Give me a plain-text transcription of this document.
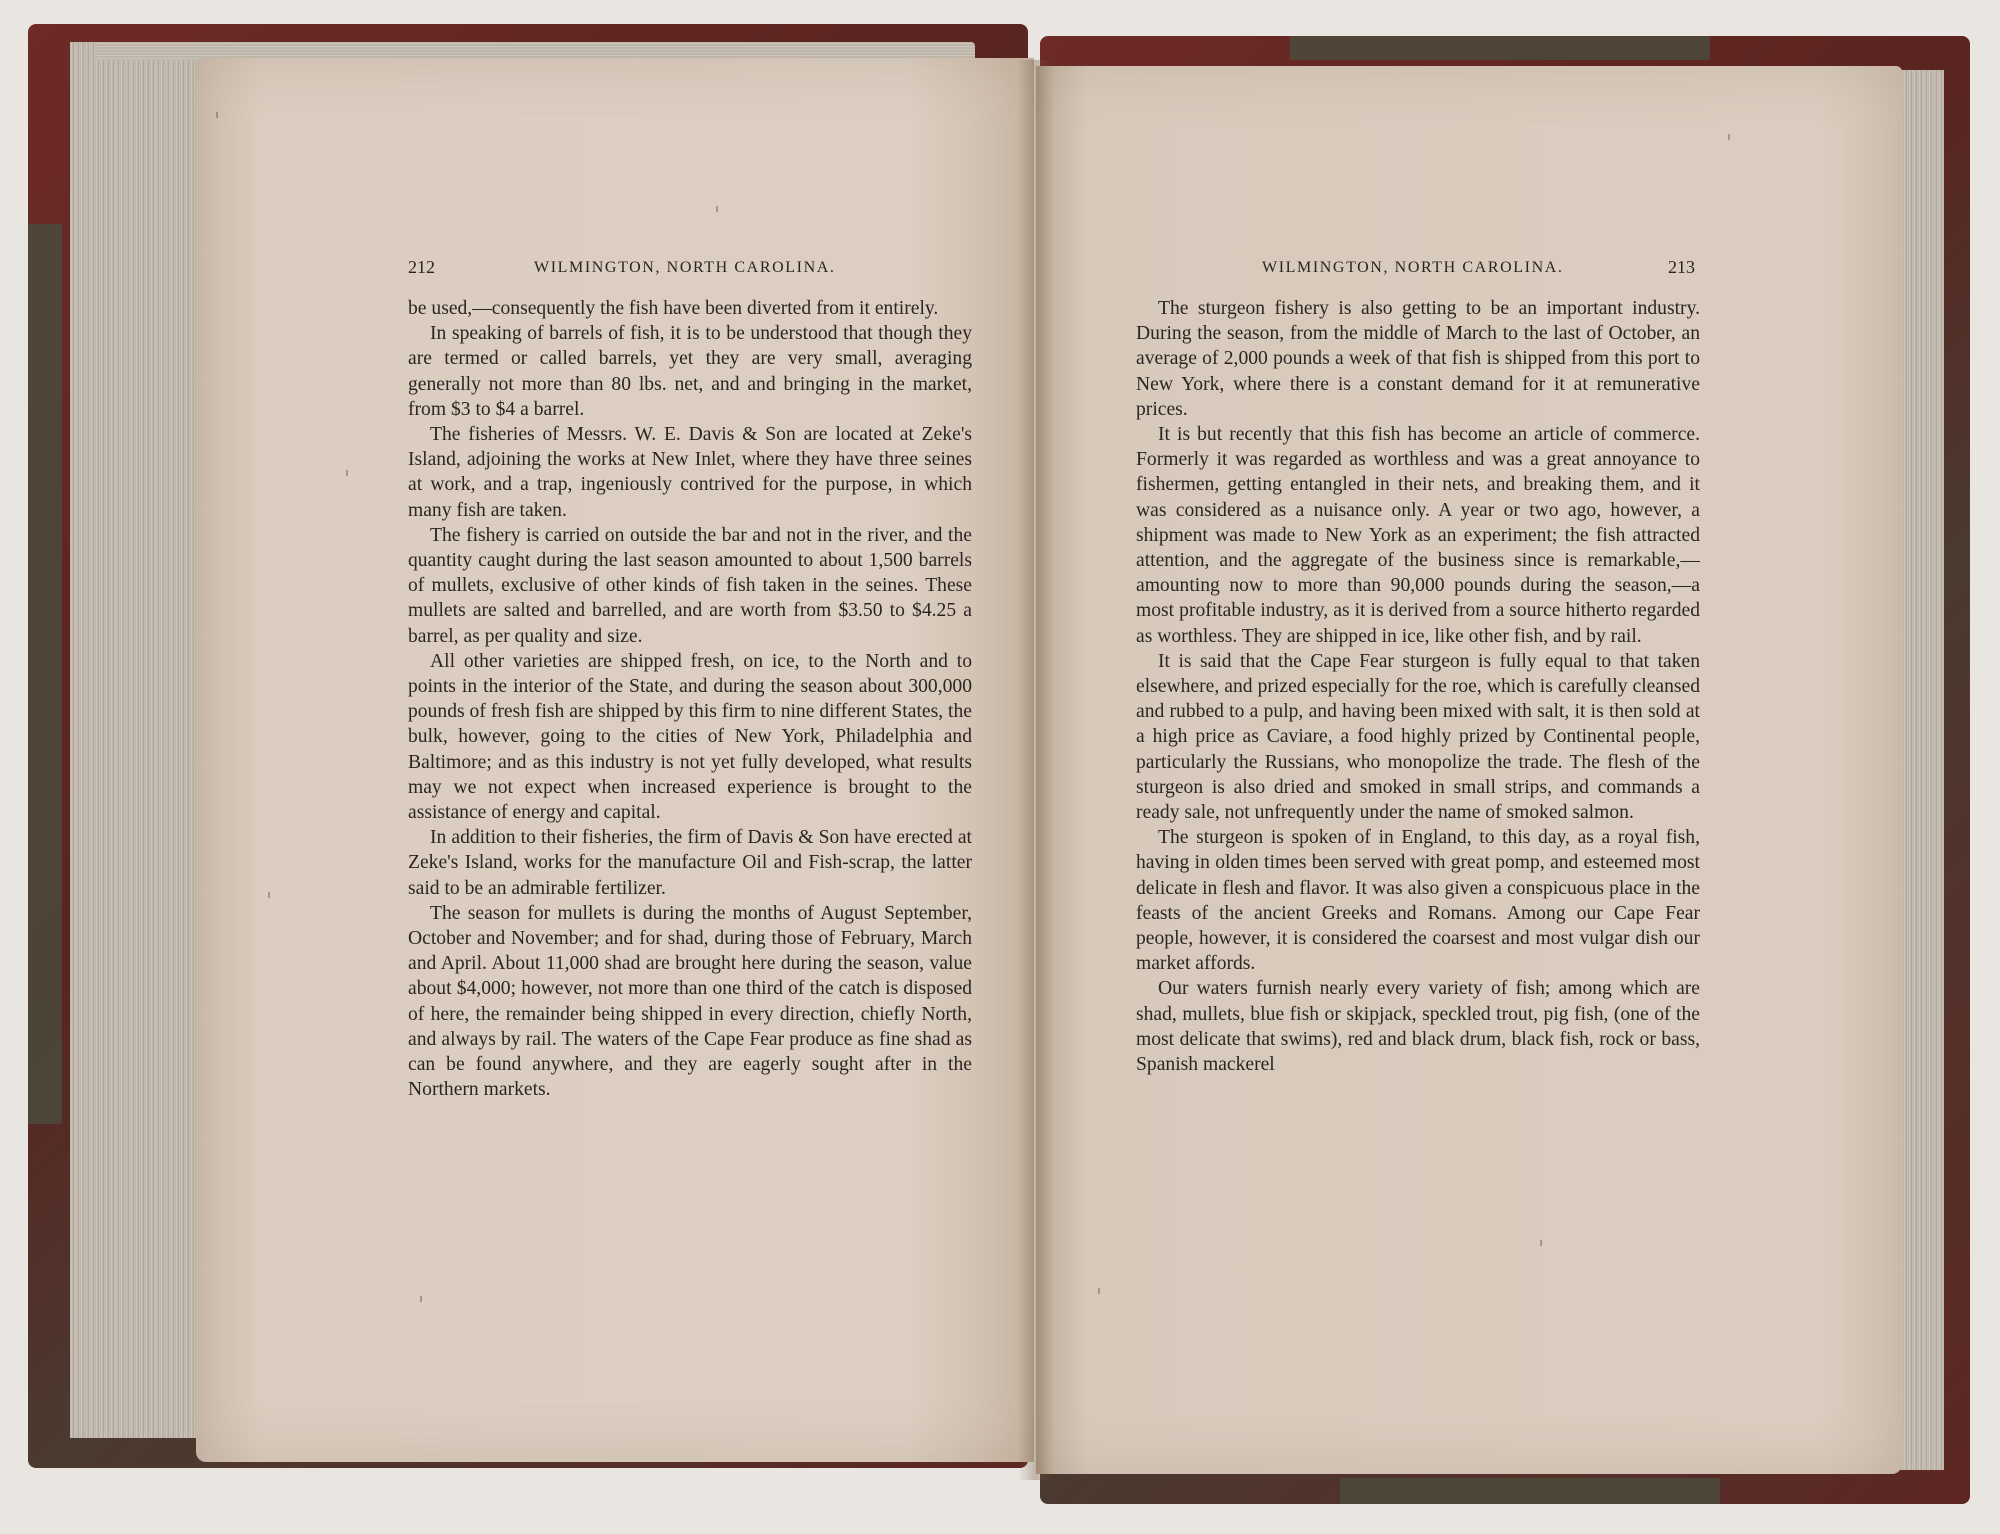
212	WILMINGTON, NORTH CAROLINA.	WILMINGTON, NORTH CAROLINA.	213

be used,—consequently the fish have been diverted from it entirely.

In speaking of barrels of fish, it is to be understood that though they are termed or called barrels, yet they are very small, averaging generally not more than 80 lbs. net, and and bringing in the market, from $3 to $4 a barrel.

The fisheries of Messrs. W. E. Davis & Son are located at Zeke's Island, adjoining the works at New Inlet, where they have three seines at work, and a trap, ingeniously contrived for the purpose, in which many fish are taken.

The fishery is carried on outside the bar and not in the river, and the quantity caught during the last season amounted to about 1,500 barrels of mullets, exclusive of other kinds of fish taken in the seines. These mullets are salted and barrelled, and are worth from $3.50 to $4.25 a barrel, as per quality and size.

All other varieties are shipped fresh, on ice, to the North and to points in the interior of the State, and during the season about 300,000 pounds of fresh fish are shipped by this firm to nine different States, the bulk, however, going to the cities of New York, Philadelphia and Baltimore; and as this industry is not yet fully developed, what results may we not expect when increased experience is brought to the assistance of energy and capital.

In addition to their fisheries, the firm of Davis & Son have erected at Zeke's Island, works for the manufacture Oil and Fish-scrap, the latter said to be an admirable fertilizer.

The season for mullets is during the months of August September, October and November; and for shad, during those of February, March and April. About 11,000 shad are brought here during the season, value about $4,000; however, not more than one third of the catch is disposed of here, the remainder being shipped in every direction, chiefly North, and always by rail. The waters of the Cape Fear produce as fine shad as can be found anywhere, and they are eagerly sought after in the Northern markets.

The sturgeon fishery is also getting to be an important industry. During the season, from the middle of March to the last of October, an average of 2,000 pounds a week of that fish is shipped from this port to New York, where there is a constant demand for it at remunerative prices.

It is but recently that this fish has become an article of commerce. Formerly it was regarded as worthless and was a great annoyance to fishermen, getting entangled in their nets, and breaking them, and it was considered as a nuisance only. A year or two ago, however, a shipment was made to New York as an experiment; the fish attracted attention, and the aggregate of the business since is remarkable,—amounting now to more than 90,000 pounds during the season,—a most profitable industry, as it is derived from a source hitherto regarded as worthless. They are shipped in ice, like other fish, and by rail.

It is said that the Cape Fear sturgeon is fully equal to that taken elsewhere, and prized especially for the roe, which is carefully cleansed and rubbed to a pulp, and having been mixed with salt, it is then sold at a high price as Caviare, a food highly prized by Continental people, particularly the Russians, who monopolize the trade. The flesh of the sturgeon is also dried and smoked in small strips, and commands a ready sale, not unfrequently under the name of smoked salmon.

The sturgeon is spoken of in England, to this day, as a royal fish, having in olden times been served with great pomp, and esteemed most delicate in flesh and flavor. It was also given a conspicuous place in the feasts of the ancient Greeks and Romans. Among our Cape Fear people, however, it is considered the coarsest and most vulgar dish our market affords.

Our waters furnish nearly every variety of fish; among which are shad, mullets, blue fish or skipjack, speckled trout, pig fish, (one of the most delicate that swims), red and black drum, black fish, rock or bass, Spanish mackerel
